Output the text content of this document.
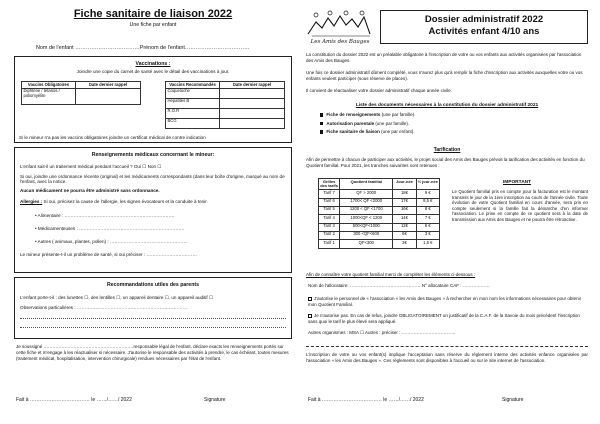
Fiche sanitaire de liaison 2022
Une fiche par enfant
Nom de l'enfant ………………………………Prénom de l'enfant………………………………
Vaccinations :
Joindre une copie du carnet de santé avec le détail des vaccinations à jour.
Vaccins Obligatoires	Date dernier rappel
Diphtérie / tétanos / poliomyélite	
Vaccins Recommandés	Date dernier rappel
Coqueluche	
Hépatites B	
R.O.R	
BCG	
Si le mineur n'a pas les vaccins obligatoires joindre un certificat médical de contre indication
Renseignements médicaux concernant le mineur:
L'enfant suit-il un traitement médical pendant l'accueil ? Oui ☐ Non ☐
Si oui, joindre une ordonnance récente (original) et les médicaments correspondants (dans leur boîte d'origine, marqué au nom de l'enfant, avec la notice.
Aucun médicament ne pourra être administré sans ordonnance.
Allergies : Si oui, précisez la cause de l'allergie, les signes évocateurs et la conduite à tenir.
• Alimentaire : ………………………………………………………………
• Médicamenteuses : ……………………………………………………………
• Autres ( animaux, plantes, pollen) : ……………………………………………
Le mineur présente-t-il un problème de santé, si oui préciser : ……………………………
Recommandations utiles des parents
L'enfant porte-t-il : des lunettes ☐, des lentilles ☐, un appareil dentaire ☐, un appareil auditif ☐
Observations particulières : ………………………………………………………………
Je soussigné ……………………………………………………responsable légal de l'enfant, déclare exacts les renseignements portés sur cette fiche et m'engage à les réactualiser si nécessaire. J'autorise le responsable des activités à prendre, le cas échéant, toutes mesures (traitement médical, hospitalisation, intervention chirurgicale) rendues nécessaires par l'état de l'enfant.
Fait à ……………………………… le ……/……/ 2022	Signature
Les Amis des Bauges
Dossier administratif 2022
Activités enfant 4/10 ans
La constitution du dossier 2022 est un préalable obligatoire à l'inscription de votre ou vos enfants aux activités organisées par l'association des Amis des Bauges.
Une fois ce dossier administratif dûment complété, vous n'aurez plus qu'à remplir la fiche d'inscription aux activités auxquelles votre ou vos enfants veulent participer (sous réserve de places).
Il convient de réactualiser votre dossier administratif chaque année civile.
Liste des documents nécessaires à la constitution du dossier administratif 2021
Fiche de renseignements (une par famille).
Autorisation parentale (une par famille).
Fiche sanitaire de liaison (une par enfant).
Tarification
Afin de permettre à chacun de participer aux activités, le projet social des Amis des Bauges prévoit la tarification des activités en fonction du Quotient familial. Pour 2021, les tranches suivantes sont retenues :
Grilles des tarifs	Quotient familial	Jour-née	½ jour-née
Tarif 7	QF > 2000	18€	9 €
Tarif 6	1700< QF <2000	17€	8,5 €
Tarif 5	1200 < QF <1700	16€	8 €
Tarif 4	1000<QF < 1200	14€	7 €
Tarif 3	500<QF<1000	12€	6 €
Tarif 2	300 <QF<600	6€	3 €
Tarif 1	QF<300	3€	1,5 €
IMPORTANT
Le Quotient familial pris en compte pour la facturation est le montant transmis le jour de la 1ère inscription au cours de l'année civile. Toute évolution de votre Quotient familial en cours d'année, sera pris en compte seulement si la famille fait la démarche d'en informer l'association. Le prise en compte de ce quotient sera à la date de transmission aux Amis des Bauges et ne pourra être rétroactive.
Afin de connaître votre quotient familial merci de compléter les éléments ci-dessous :
Nom de l'allocataire: …………………………………………N° allocataire CAF : ………………
J'autorise le personnel de « l'association « les Amis des Bauges » à rechercher en mon nom les informations nécessaires pour obtenir mon Quotient Familial.
Je n'autorise pas. En cas de refus, joindre OBLIGATOIREMENT un justificatif de la C.A.F. de la Savoie du mois précédent l'inscription sans quoi le tarif le plus élevé sera appliqué.
Autres organismes : MSA ☐ Autres : préciser : ………………………………
L'inscription de votre ou vos enfant(s) implique l'acceptation sans réserve du règlement interne des activités enfance organisées par l'association « les Amis des Bauges ». Ces règlements sont disponibles à l'accueil ou sur le site internet de l'association.
Fait à ……………………………… le ……/……/ 2022	Signature
